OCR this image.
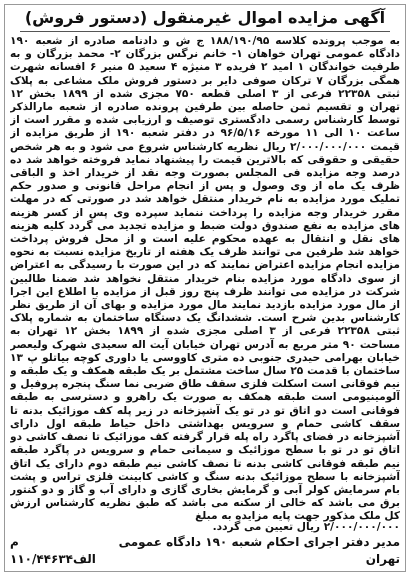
آگهی مزایده اموال غیرمنقول (دستور فروش)

به موجب پرونده کلاسه ۱۸۸/۱۹۰/۹۵ ج ش و دادنامه صادره از شعبه ۱۹۰ دادگاه عمومی تهران خواهان ۱- خانم نرگس بزرگان ۲- محمد بزرگان و به طرفیت خواندگان ۱ امید ۲ فریده ۳ منیژه ۴ سعید ۵ منیر ۶ افسانه شهرت همگی بزرگان ۷ ترکان صوفی دایر بر دستور فروش ملک مشاعی به پلاک ثبتی ۲۲۳۵۸ فرعی از ۳ اصلی قطعه ۷۵۰ مجزی شده از ۱۸۹۹ بخش ۱۲ تهران و تقسیم ثمن حاصله بین طرفین پرونده صادره از شعبه مارالذکر توسط کارشناس رسمی دادگستری توصیف و ارزیابی شده و مقرر است از ساعت ۱۰ الی ۱۱ مورخه ۹۶/۵/۱۶ در دفتر شعبه ۱۹۰ از طریق مزایده از قیمت ۲/۰۰۰/۰۰۰/۰۰۰ ریال نظریه کارشناس شروع می شود و به هر شخص حقیقی و حقوقی که بالاترین قیمت را پیشنهاد نماید فروخته خواهد شد ده درصد وجه مزایده فی المجلس بصورت وجه نقد از خریدار اخذ و الباقی ظرف یک ماه از وی وصول و پس از انجام مراحل قانونی و صدور حکم تملیک مورد مزایده به نام خریدار منتقل خواهد شد در صورتی که در مهلت مقرر خریدار وجه مزایده را پرداخت ننماید سپرده وی پس از کسر هزینه های مزایده به نفع صندوق دولت ضبط و مزایده تجدید می گردد کلیه هزینه های نقل و انتقال به عهده محکوم علیه است و از محل فروش پرداخت خواهد شد طرفین می توانند ظرف یک هفته از تاریخ مزایده نسبت به نحوه مزایده انجام مزایده اعتراض نمایند که در این صورت با رسیدگی به اعتراض از سوی دادگاه مورد مزایده بنام خریدار منتقل نخواهد شد ضمنا طالبین شرکت در مزایده می توانند ظرف پنج روز قبل از مزایده با اطلاع این اجرا از مال مورد مزایده بازدید نمایند مال مورد مزایده و بهای آن از طریق نظر کارشناس بدین شرح است. ششدانگ یک دستگاه ساختمان به شماره پلاک ثبتی ۲۲۳۵۸ فرعی از ۳ اصلی مجزی شده از ۱۸۹۹ بخش ۱۲ تهران به مساحت ۹۰ متر مربع به آدرس تهران خیابان آیت اله سعیدی شهرک ولیعصر خیابان بهرامی حیدری جنوبی ده متری کاووسی یا داوری کوچه بیاتلو پ ۱۳ ساختمان با قدمت ۲۵ سال ساخت مشتمل بر یک طبقه همکف و یک طبقه و نیم فوقانی است اسکلت فلزی سقف طاق ضربی نما سنگ پنجره پروفیل و آلومینیومی است طبقه همکف به صورت یک راهرو و دسترسی به طبقه فوقانی است دو اتاق تو در تو یک آشپزخانه در زیر پله کف موزائیک بدنه تا سقف کاشی حمام و سرویس بهداشتی داخل حیاط طبقه اول دارای آشپزخانه در فضای پاگرد راه پله قرار گرفته کف موزائیک تا نصف کاشی دو اتاق تو در تو با سطح موزائیک و سیمانی حمام و سرویس در پاگرد طبقه نیم طبقه فوقانی کاشی بدنه تا نصف کاشی نیم طبقه دوم دارای یک اتاق آشپزخانه با سطح موزائیک بدنه سنگ و کاشی کابینت فلزی تراس و پشت بام سرمایش کولر آبی و گرمایش بخاری گازی و دارای آب و گاز و دو کنتور برق می باشد که خالی از سکنه می باشد که طبق نظریه کارشناس ارزش کل ملک مذکور جهت پایه مزایده به مبلغ

۲/۰۰۰/۰۰۰/۰۰۰ ریال تعیین می گردد.
مدیر دفتر اجرای احکام شعبه ۱۹۰ دادگاه عمومی تهران
م الف۱۱۰/۴۴۶۳۴
